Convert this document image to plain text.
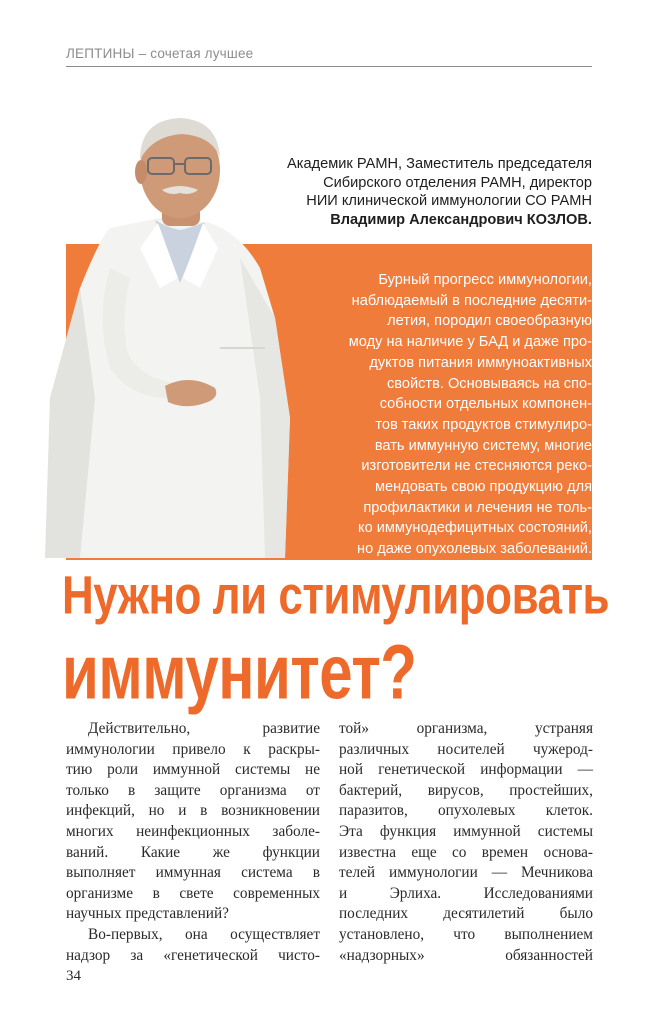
ЛЕПТИНЫ – сочетая лучшее
Академик РАМН, Заместитель председателя
Сибирского отделения РАМН, директор
НИИ клинической иммунологии СО РАМН
Владимир Александрович КОЗЛОВ.
Бурный прогресс иммунологии,
наблюдаемый в последние десяти-
летия, породил своеобразную
моду на наличие у БАД и даже про-
дуктов питания иммуноактивных
свойств. Основываясь на спо-
собности отдельных компонен-
тов таких продуктов стимулиро-
вать иммунную систему, многие
изготовители не стесняются реко-
мендовать свою продукцию для
профилактики и лечения не толь-
ко иммунодефицитных состояний,
но даже опухолевых заболеваний.
Нужно ли стимулировать
иммунитет?
Действительно, развитие
иммунологии привело к раскры-
тию роли иммунной системы не
только в защите организма от
инфекций, но и в возникновении
многих неинфекционных заболе-
ваний. Какие же функции
выполняет иммунная система в
организме в свете современных
научных представлений?
Во-первых, она осуществляет
надзор за «генетической чисто-
той» организма, устраняя
различных носителей чужерод-
ной генетической информации —
бактерий, вирусов, простейших,
паразитов, опухолевых клеток.
Эта функция иммунной системы
известна еще со времен основа-
телей иммунологии — Мечникова
и Эрлиха. Исследованиями
последних десятилетий было
установлено, что выполнением
«надзорных» обязанностей
34
